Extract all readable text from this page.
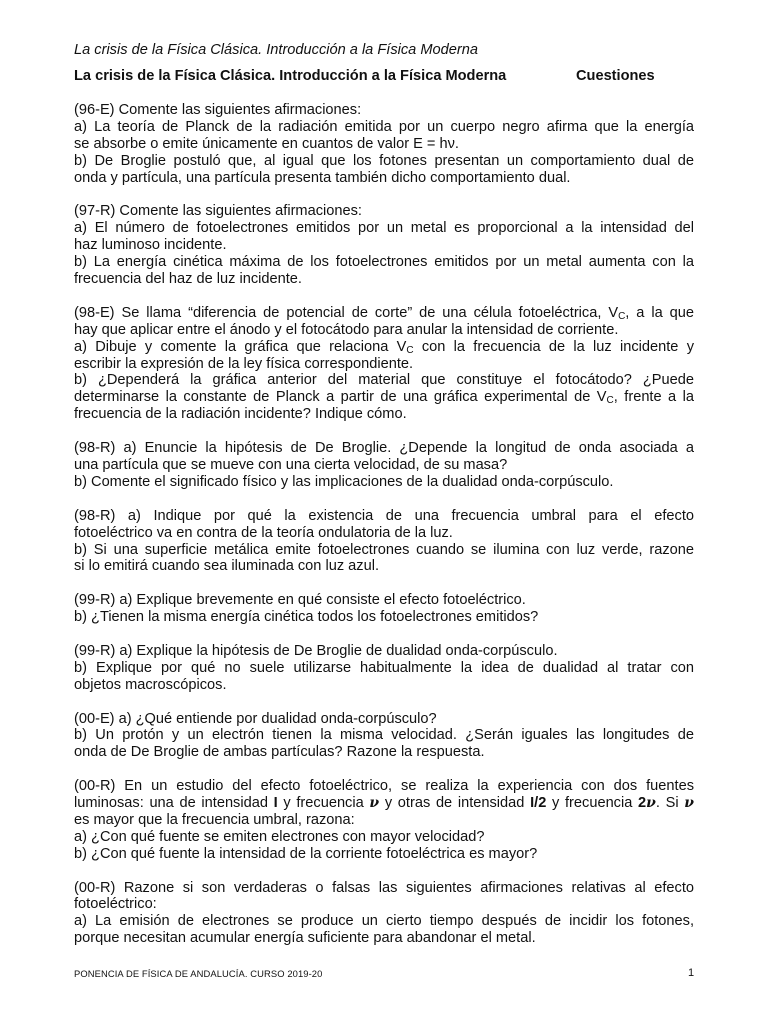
La crisis de la Física Clásica. Introducción a la Física Moderna
La crisis de la Física Clásica. Introducción a la Física Moderna	Cuestiones
(96-E) Comente las siguientes afirmaciones:
a) La teoría de Planck de la radiación emitida por un cuerpo negro afirma que la energía
se absorbe o emite únicamente en cuantos de valor E = hν.
b) De Broglie postuló que, al igual que los fotones presentan un comportamiento dual de
onda y partícula, una partícula presenta también dicho comportamiento dual.
(97-R) Comente las siguientes afirmaciones:
a) El número de fotoelectrones emitidos por un metal es proporcional a la intensidad del
haz luminoso incidente.
b) La energía cinética máxima de los fotoelectrones emitidos por un metal aumenta con la
frecuencia del haz de luz incidente.
(98-E) Se llama “diferencia de potencial de corte” de una célula fotoeléctrica, $V_C$, a la que
hay que aplicar entre el ánodo y el fotocátodo para anular la intensidad de corriente.
a) Dibuje y comente la gráfica que relaciona $V_C$ con la frecuencia de la luz incidente y
escribir la expresión de la ley física correspondiente.
b) ¿Dependerá la gráfica anterior del material que constituye el fotocátodo? ¿Puede
determinarse la constante de Planck a partir de una gráfica experimental de $V_C$, frente a la
frecuencia de la radiación incidente? Indique cómo.
(98-R) a) Enuncie la hipótesis de De Broglie. ¿Depende la longitud de onda asociada a
una partícula que se mueve con una cierta velocidad, de su masa?
b) Comente el significado físico y las implicaciones de la dualidad onda-corpúsculo.
(98-R) a) Indique por qué la existencia de una frecuencia umbral para el efecto
fotoeléctrico va en contra de la teoría ondulatoria de la luz.
b) Si una superficie metálica emite fotoelectrones cuando se ilumina con luz verde, razone
si lo emitirá cuando sea iluminada con luz azul.
(99-R) a) Explique brevemente en qué consiste el efecto fotoeléctrico.
b) ¿Tienen la misma energía cinética todos los fotoelectrones emitidos?
(99-R) a) Explique la hipótesis de De Broglie de dualidad onda-corpúsculo.
b) Explique por qué no suele utilizarse habitualmente la idea de dualidad al tratar con
objetos macroscópicos.
(00-E) a) ¿Qué entiende por dualidad onda-corpúsculo?
b) Un protón y un electrón tienen la misma velocidad. ¿Serán iguales las longitudes de
onda de De Broglie de ambas partículas? Razone la respuesta.
(00-R) En un estudio del efecto fotoeléctrico, se realiza la experiencia con dos fuentes
luminosas: una de intensidad I y frecuencia ν y otras de intensidad I/2 y frecuencia 2ν. Si ν
es mayor que la frecuencia umbral, razona:
a) ¿Con qué fuente se emiten electrones con mayor velocidad?
b) ¿Con qué fuente la intensidad de la corriente fotoeléctrica es mayor?
(00-R) Razone si son verdaderas o falsas las siguientes afirmaciones relativas al efecto
fotoeléctrico:
a) La emisión de electrones se produce un cierto tiempo después de incidir los fotones,
porque necesitan acumular energía suficiente para abandonar el metal.
PONENCIA DE FÍSICA DE ANDALUCÍA. CURSO 2019-20	1
